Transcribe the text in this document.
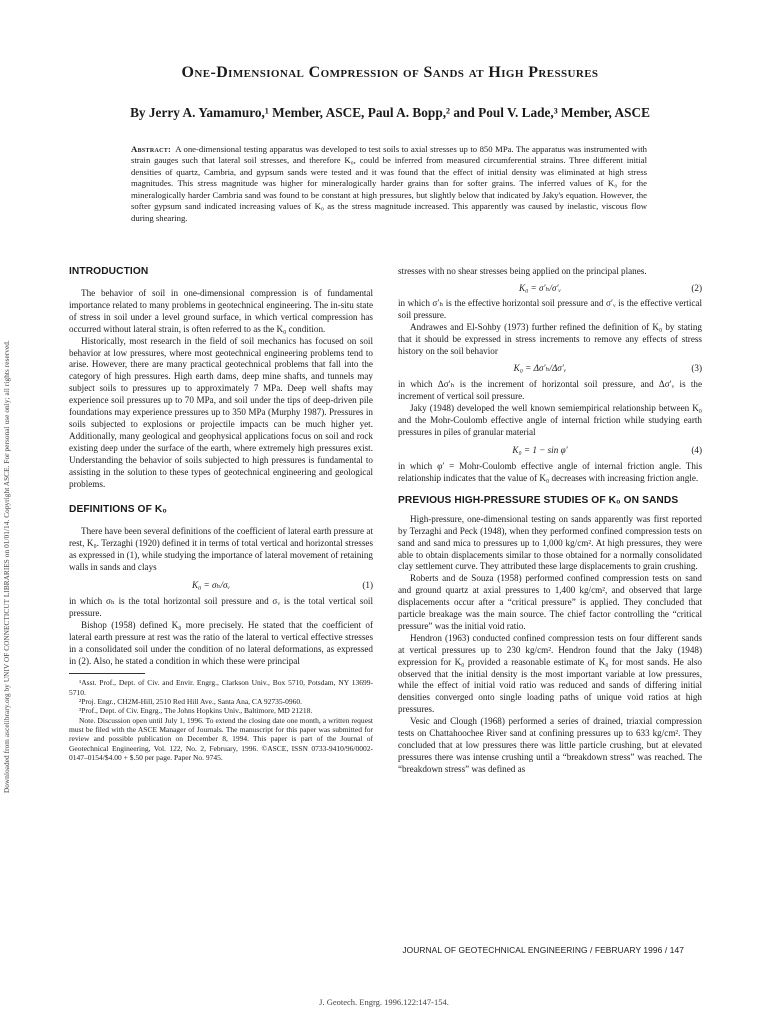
Downloaded from ascelibrary.org by UNIV OF CONNECTICUT LIBRARIES on 01/01/14. Copyright ASCE. For personal use only; all rights reserved.
One-Dimensional Compression of Sands at High Pressures
By Jerry A. Yamamuro,¹ Member, ASCE, Paul A. Bopp,² and Poul V. Lade,³ Member, ASCE
Abstract: A one-dimensional testing apparatus was developed to test soils to axial stresses up to 850 MPa. The apparatus was instrumented with strain gauges such that lateral soil stresses, and therefore K₀, could be inferred from measured circumferential strains. Three different initial densities of quartz, Cambria, and gypsum sands were tested and it was found that the effect of initial density was eliminated at high stress magnitudes. This stress magnitude was higher for mineralogically harder grains than for softer grains. The inferred values of K₀ for the mineralogically harder Cambria sand was found to be constant at high pressures, but slightly below that indicated by Jaky's equation. However, the softer gypsum sand indicated increasing values of K₀ as the stress magnitude increased. This apparently was caused by inelastic, viscous flow during shearing.
INTRODUCTION

The behavior of soil in one-dimensional compression is of fundamental importance related to many problems in geotechnical engineering. The in-situ state of stress in soil under a level ground surface, in which vertical compression has occurred without lateral strain, is often referred to as the K₀ condition.

Historically, most research in the field of soil mechanics has focused on soil behavior at low pressures, where most geotechnical engineering problems tend to arise. However, there are many practical geotechnical problems that fall into the category of high pressures. High earth dams, deep mine shafts, and tunnels may subject soils to pressures up to approximately 7 MPa. Deep well shafts may experience soil pressures up to 70 MPa, and soil under the tips of deep-driven pile foundations may experience pressures up to 350 MPa (Murphy 1987). Pressures in soils subjected to explosions or projectile impacts can be much higher yet. Additionally, many geological and geophysical applications focus on soil and rock existing deep under the surface of the earth, where extremely high pressures exist. Understanding the behavior of soils subjected to high pressures is fundamental to assisting in the solution to these types of geotechnical engineering and geological problems.

DEFINITIONS OF K₀

There have been several definitions of the coefficient of lateral earth pressure at rest, K₀. Terzaghi (1920) defined it in terms of total vertical and horizontal stresses as expressed in (1), while studying the importance of lateral movement of retaining walls in sands and clays

K₀ = σₕ/σᵥ	(1)

in which σₕ is the total horizontal soil pressure and σᵥ is the total vertical soil pressure.

Bishop (1958) defined K₀ more precisely. He stated that the coefficient of lateral earth pressure at rest was the ratio of the lateral to vertical effective stresses in a consolidated soil under the condition of no lateral deformations, as expressed in (2). Also, he stated a condition in which these were principal

¹Asst. Prof., Dept. of Civ. and Envir. Engrg., Clarkson Univ., Box 5710, Potsdam, NY 13699-5710.

²Proj. Engr., CH2M-Hill, 2510 Red Hill Ave., Santa Ana, CA 92735-0960.

³Prof., Dept. of Civ. Engrg., The Johns Hopkins Univ., Baltimore, MD 21218.

Note. Discussion open until July 1, 1996. To extend the closing date one month, a written request must be filed with the ASCE Manager of Journals. The manuscript for this paper was submitted for review and possible publication on December 8, 1994. This paper is part of the Journal of Geotechnical Engineering, Vol. 122, No. 2, February, 1996. ©ASCE, ISSN 0733-9410/96/0002-0147–0154/$4.00 + $.50 per page. Paper No. 9745.

stresses with no shear stresses being applied on the principal planes.

K₀ = σ′ₕ/σ′ᵥ	(2)

in which σ′ₕ is the effective horizontal soil pressure and σ′ᵥ is the effective vertical soil pressure.

Andrawes and El-Sohby (1973) further refined the definition of K₀ by stating that it should be expressed in stress increments to remove any effects of stress history on the soil behavior

K₀ = Δσ′ₕ/Δσ′ᵥ	(3)

in which Δσ′ₕ is the increment of horizontal soil pressure, and Δσ′ᵥ is the increment of vertical soil pressure.

Jaky (1948) developed the well known semiempirical relationship between K₀ and the Mohr-Coulomb effective angle of internal friction while studying earth pressures in piles of granular material

K₀ = 1 − sin φ′	(4)

in which φ′ = Mohr-Coulomb effective angle of internal friction angle. This relationship indicates that the value of K₀ decreases with increasing friction angle.

PREVIOUS HIGH-PRESSURE STUDIES OF K₀ ON SANDS

High-pressure, one-dimensional testing on sands apparently was first reported by Terzaghi and Peck (1948), when they performed confined compression tests on sand and sand mica to pressures up to 1,000 kg/cm². At high pressures, they were able to obtain displacements similar to those obtained for a normally consolidated clay settlement curve. They attributed these large displacements to grain crushing.

Roberts and de Souza (1958) performed confined compression tests on sand and ground quartz at axial pressures to 1,400 kg/cm², and observed that large displacements occur after a “critical pressure” is applied. They concluded that particle breakage was the main source. The chief factor controlling the “critical pressure” was the initial void ratio.

Hendron (1963) conducted confined compression tests on four different sands at vertical pressures up to 230 kg/cm². Hendron found that the Jaky (1948) expression for K₀ provided a reasonable estimate of K₀ for most sands. He also observed that the initial density is the most important variable at low pressures, while the effect of initial void ratio was reduced and sands of differing initial densities converged onto single loading paths of unique void ratios at high pressures.

Vesic and Clough (1968) performed a series of drained, triaxial compression tests on Chattahoochee River sand at confining pressures up to 633 kg/cm². They concluded that at low pressures there was little particle crushing, but at elevated pressures there was intense crushing until a “breakdown stress” was reached. The “breakdown stress” was defined as

JOURNAL OF GEOTECHNICAL ENGINEERING / FEBRUARY 1996 / 147
J. Geotech. Engrg. 1996.122:147-154.
